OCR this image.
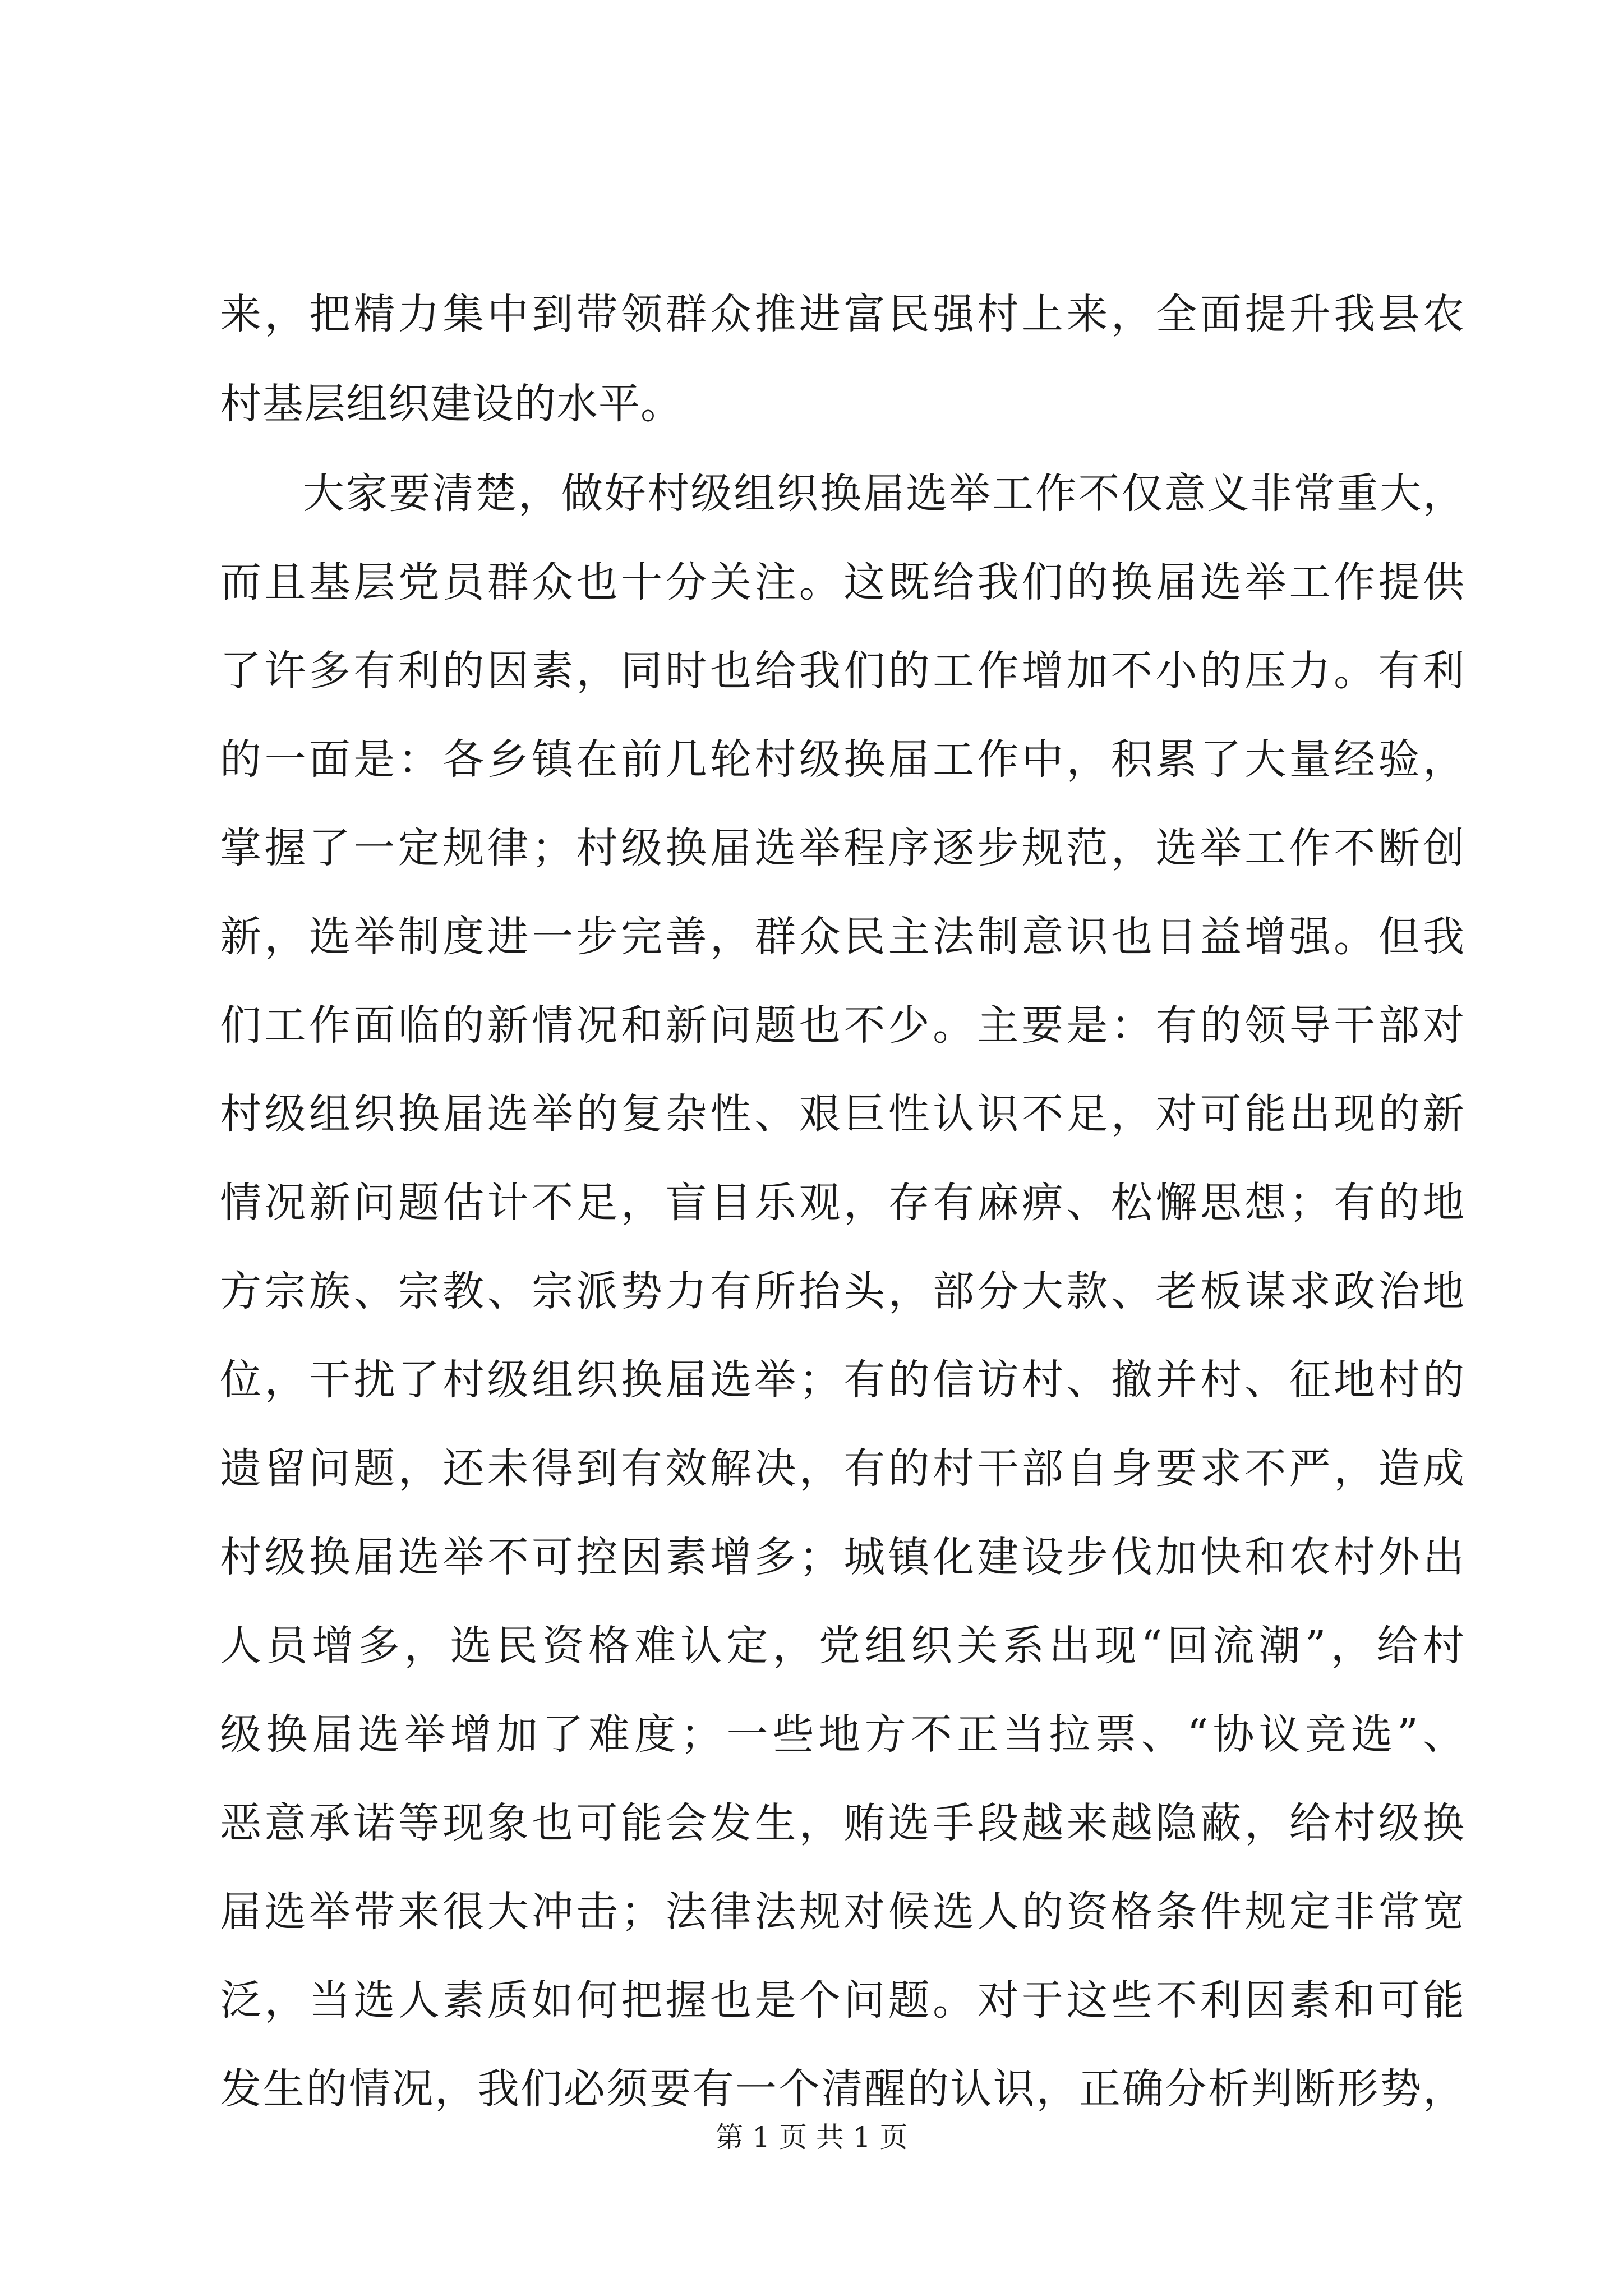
来，把精力集中到带领群众推进富民强村上来，全面提升我县农

村基层组织建设的水平。

大家要清楚，做好村级组织换届选举工作不仅意义非常重大，

而且基层党员群众也十分关注。这既给我们的换届选举工作提供

了许多有利的因素，同时也给我们的工作增加不小的压力。有利

的一面是：各乡镇在前几轮村级换届工作中，积累了大量经验，

掌握了一定规律；村级换届选举程序逐步规范，选举工作不断创

新，选举制度进一步完善，群众民主法制意识也日益增强。但我

们工作面临的新情况和新问题也不少。主要是：有的领导干部对

村级组织换届选举的复杂性、艰巨性认识不足，对可能出现的新

情况新问题估计不足，盲目乐观，存有麻痹、松懈思想；有的地

方宗族、宗教、宗派势力有所抬头，部分大款、老板谋求政治地

位，干扰了村级组织换届选举；有的信访村、撤并村、征地村的

遗留问题，还未得到有效解决，有的村干部自身要求不严，造成

村级换届选举不可控因素增多；城镇化建设步伐加快和农村外出

人员增多，选民资格难认定，党组织关系出现“回流潮”，给村

级换届选举增加了难度；一些地方不正当拉票、“协议竞选”、

恶意承诺等现象也可能会发生，贿选手段越来越隐蔽，给村级换

届选举带来很大冲击；法律法规对候选人的资格条件规定非常宽

泛，当选人素质如何把握也是个问题。对于这些不利因素和可能

发生的情况，我们必须要有一个清醒的认识，正确分析判断形势，

第 1 页 共 1 页
